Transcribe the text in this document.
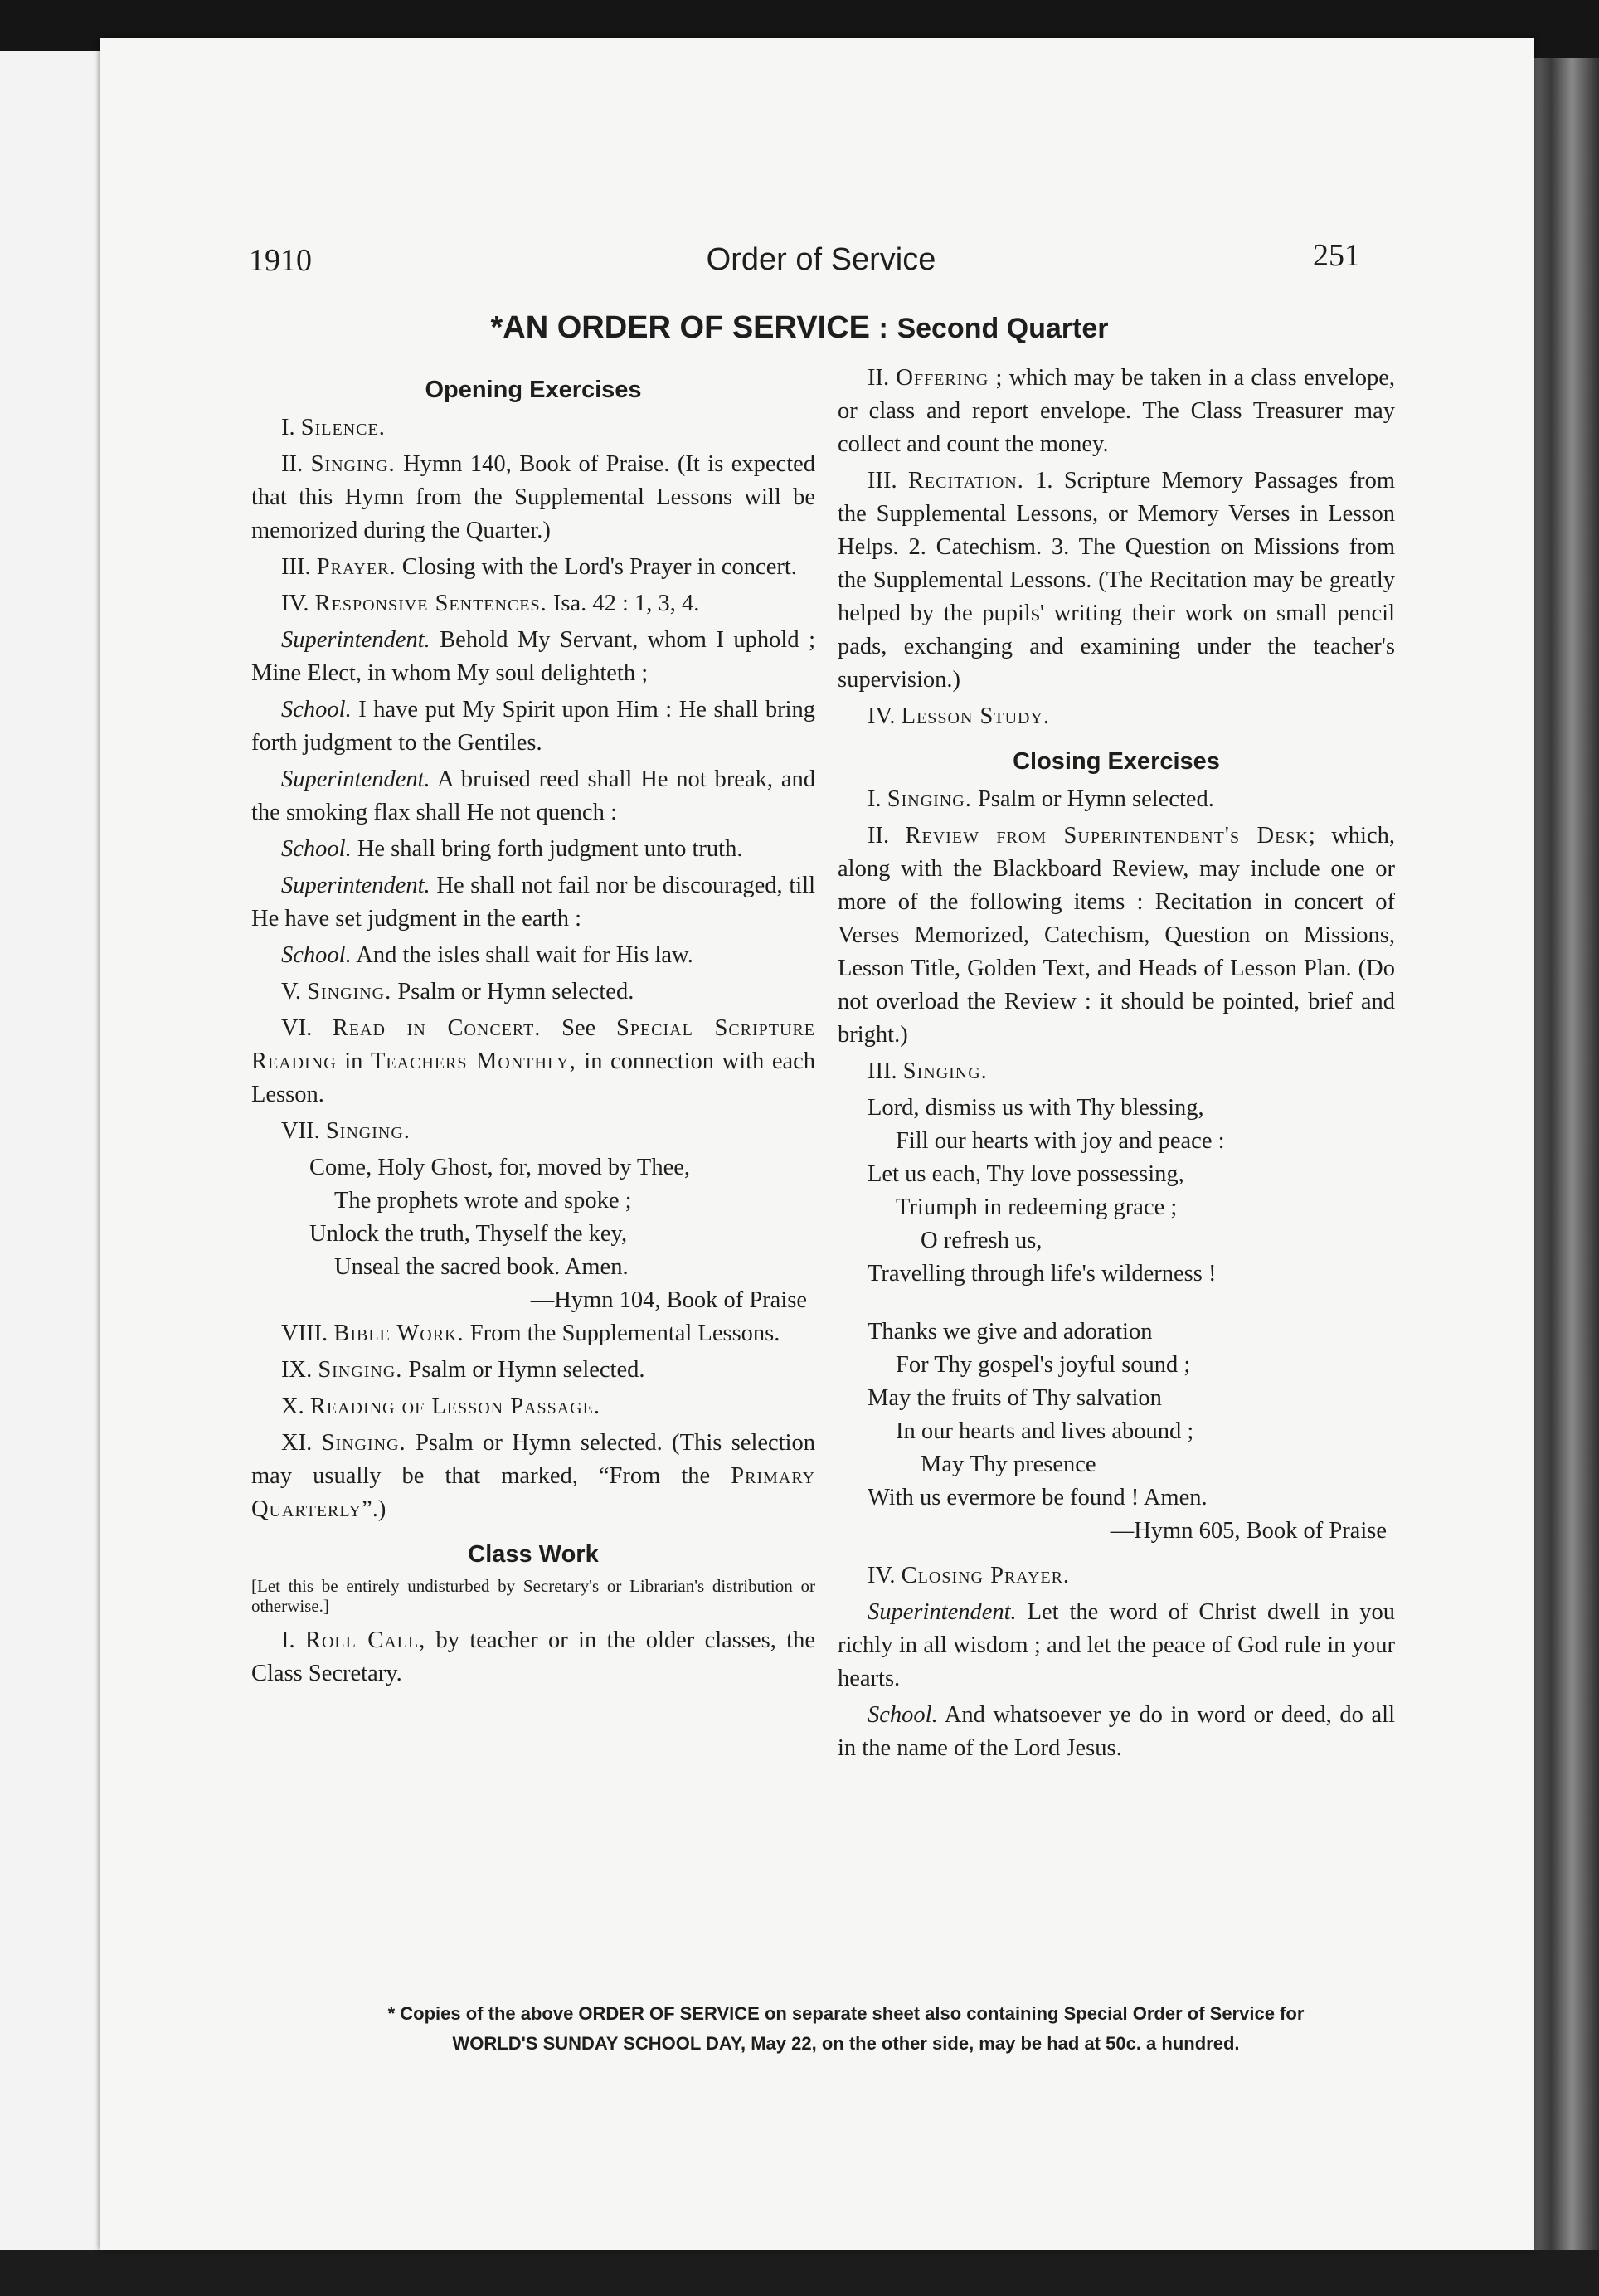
1910	Order of Service	251
*AN ORDER OF SERVICE : Second Quarter

Opening Exercises

I. Silence.

II. Singing. Hymn 140, Book of Praise. (It is expected that this Hymn from the Supplemental Lessons will be memorized during the Quarter.)

III. Prayer. Closing with the Lord's Prayer in concert.

IV. Responsive Sentences. Isa. 42 : 1, 3, 4.

Superintendent. Behold My Servant, whom I uphold ; Mine Elect, in whom My soul delighteth ;

School. I have put My Spirit upon Him : He shall bring forth judgment to the Gentiles.

Superintendent. A bruised reed shall He not break, and the smoking flax shall He not quench :

School. He shall bring forth judgment unto truth.

Superintendent. He shall not fail nor be discouraged, till He have set judgment in the earth :

School. And the isles shall wait for His law.

V. Singing. Psalm or Hymn selected.

VI. Read in Concert. See Special Scripture Reading in Teachers Monthly, in connection with each Lesson.

VII. Singing.

Come, Holy Ghost, for, moved by Thee,
The prophets wrote and spoke ;
Unlock the truth, Thyself the key,
Unseal the sacred book. Amen.
—Hymn 104, Book of Praise

VIII. Bible Work. From the Supplemental Lessons.

IX. Singing. Psalm or Hymn selected.

X. Reading of Lesson Passage.

XI. Singing. Psalm or Hymn selected. (This selection may usually be that marked, “From the Primary Quarterly”.)

Class Work

[Let this be entirely undisturbed by Secretary's or Librarian's distribution or otherwise.]

I. Roll Call, by teacher or in the older classes, the Class Secretary.

II. Offering ; which may be taken in a class envelope, or class and report envelope. The Class Treasurer may collect and count the money.

III. Recitation. 1. Scripture Memory Passages from the Supplemental Lessons, or Memory Verses in Lesson Helps. 2. Catechism. 3. The Question on Missions from the Supplemental Lessons. (The Recitation may be greatly helped by the pupils' writing their work on small pencil pads, exchanging and examining under the teacher's supervision.)

IV. Lesson Study.

Closing Exercises

I. Singing. Psalm or Hymn selected.

II. Review from Superintendent's Desk; which, along with the Blackboard Review, may include one or more of the following items : Recitation in concert of Verses Memorized, Catechism, Question on Missions, Lesson Title, Golden Text, and Heads of Lesson Plan. (Do not overload the Review : it should be pointed, brief and bright.)

III. Singing.

Lord, dismiss us with Thy blessing,
Fill our hearts with joy and peace :
Let us each, Thy love possessing,
Triumph in redeeming grace ;
O refresh us,
Travelling through life's wilderness !
Thanks we give and adoration
For Thy gospel's joyful sound ;
May the fruits of Thy salvation
In our hearts and lives abound ;
May Thy presence
With us evermore be found ! Amen.
—Hymn 605, Book of Praise

IV. Closing Prayer.

Superintendent. Let the word of Christ dwell in you richly in all wisdom ; and let the peace of God rule in your hearts.

School. And whatsoever ye do in word or deed, do all in the name of the Lord Jesus.

* Copies of the above ORDER OF SERVICE on separate sheet also containing Special Order of Service for
WORLD'S SUNDAY SCHOOL DAY, May 22, on the other side, may be had at 50c. a hundred.
